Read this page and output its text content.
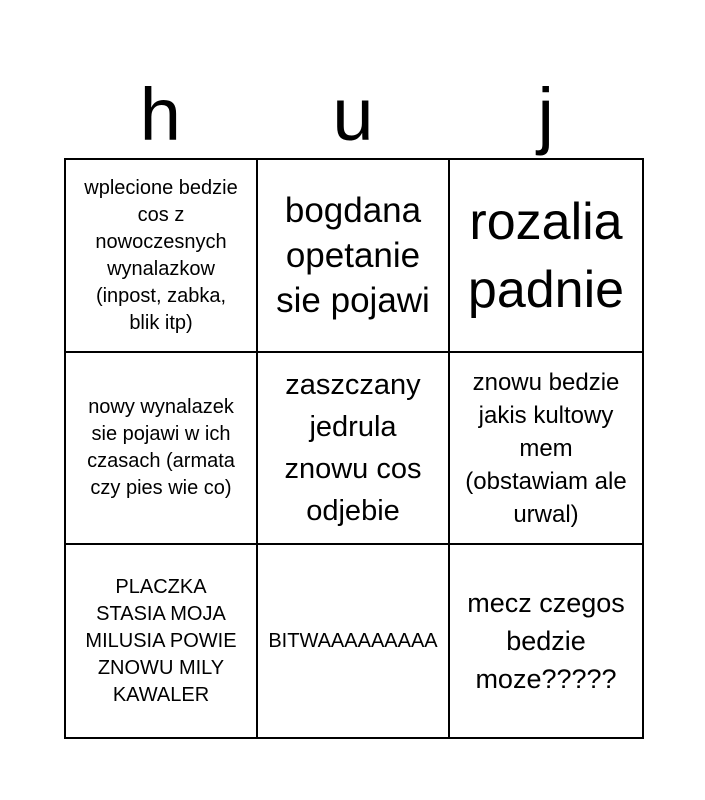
h	u	j
wplecione bedzie cos z nowoczesnych wynalazkow (inpost, zabka, blik itp)
bogdana opetanie sie pojawi
rozalia padnie
nowy wynalazek sie pojawi w ich czasach (armata czy pies wie co)
zaszczany jedrula znowu cos odjebie
znowu bedzie jakis kultowy mem (obstawiam ale urwal)
PLACZKA STASIA MOJA MILUSIA POWIE ZNOWU MILY KAWALER
BITWAAAAAAAAA
mecz czegos bedzie moze?????
